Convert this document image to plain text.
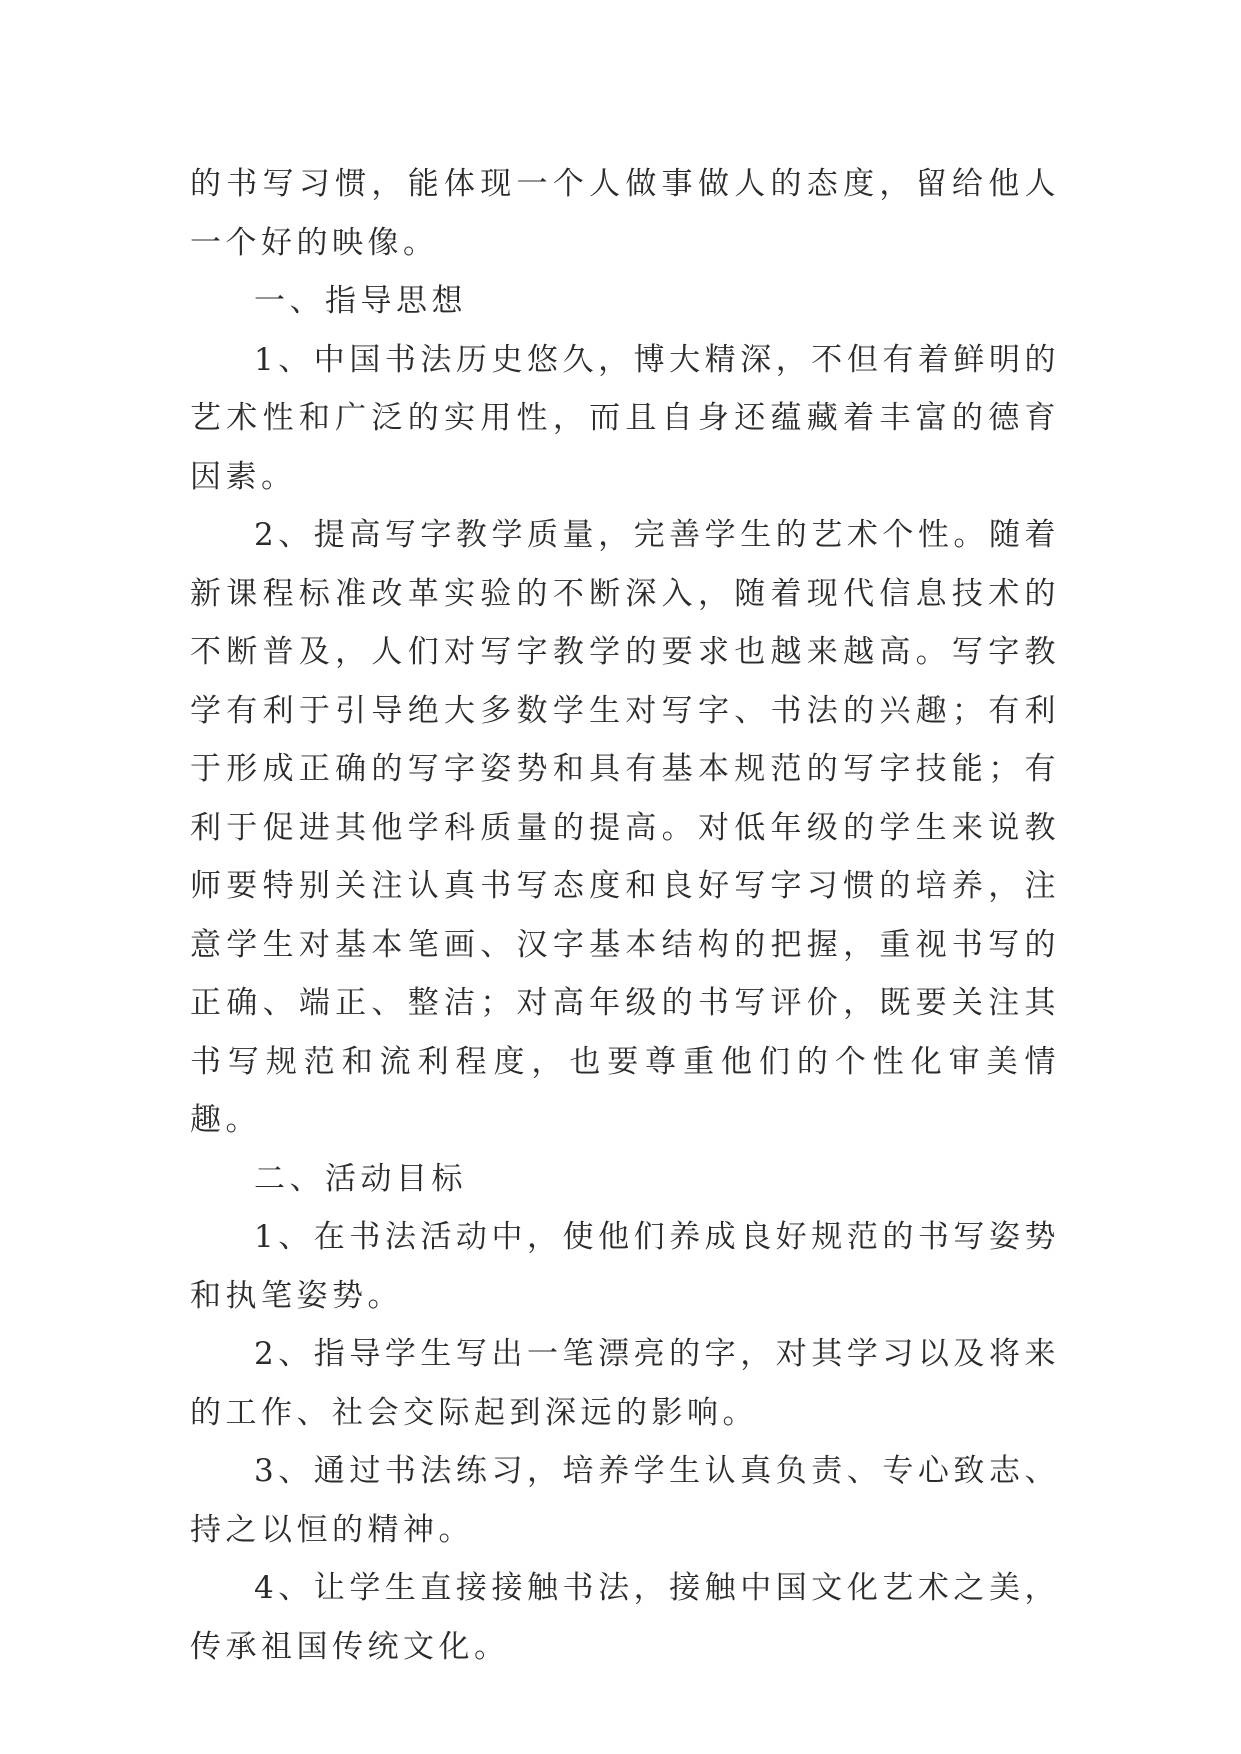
的书写习惯，能体现一个人做事做人的态度，留给他人一个好的映像。

一、指导思想

1、中国书法历史悠久，博大精深，不但有着鲜明的艺术性和广泛的实用性，而且自身还蕴藏着丰富的德育因素。

2、提高写字教学质量，完善学生的艺术个性。随着新课程标准改革实验的不断深入，随着现代信息技术的不断普及，人们对写字教学的要求也越来越高。写字教学有利于引导绝大多数学生对写字、书法的兴趣；有利于形成正确的写字姿势和具有基本规范的写字技能；有利于促进其他学科质量的提高。对低年级的学生来说教师要特别关注认真书写态度和良好写字习惯的培养，注意学生对基本笔画、汉字基本结构的把握，重视书写的正确、端正、整洁；对高年级的书写评价，既要关注其书写规范和流利程度，也要尊重他们的个性化审美情趣。

二、活动目标

1、在书法活动中，使他们养成良好规范的书写姿势和执笔姿势。

2、指导学生写出一笔漂亮的字，对其学习以及将来的工作、社会交际起到深远的影响。

3、通过书法练习，培养学生认真负责、专心致志、持之以恒的精神。

4、让学生直接接触书法，接触中国文化艺术之美，传承祖国传统文化。
